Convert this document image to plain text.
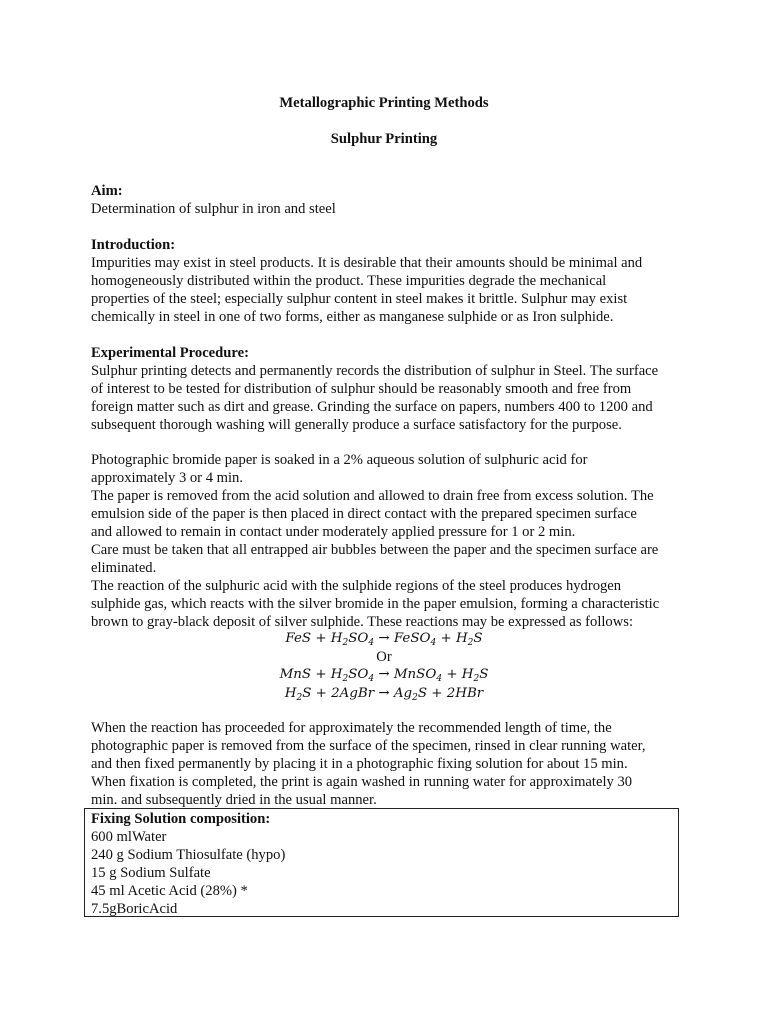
Metallographic Printing Methods
Sulphur Printing
Aim:
Determination of sulphur in iron and steel
Introduction:
Impurities may exist in steel products. It is desirable that their amounts should be minimal and
homogeneously distributed within the product. These impurities degrade the mechanical
properties of the steel; especially sulphur content in steel makes it brittle. Sulphur may exist
chemically in steel in one of two forms, either as manganese sulphide or as Iron sulphide.
Experimental Procedure:
Sulphur printing detects and permanently records the distribution of sulphur in Steel. The surface
of interest to be tested for distribution of sulphur should be reasonably smooth and free from
foreign matter such as dirt and grease. Grinding the surface on papers, numbers 400 to 1200 and
subsequent thorough washing will generally produce a surface satisfactory for the purpose.
Photographic bromide paper is soaked in a 2% aqueous solution of sulphuric acid for
approximately 3 or 4 min.
The paper is removed from the acid solution and allowed to drain free from excess solution. The
emulsion side of the paper is then placed in direct contact with the prepared specimen surface
and allowed to remain in contact under moderately applied pressure for 1 or 2 min.
Care must be taken that all entrapped air bubbles between the paper and the specimen surface are
eliminated.
The reaction of the sulphuric acid with the sulphide regions of the steel produces hydrogen
sulphide gas, which reacts with the silver bromide in the paper emulsion, forming a characteristic
brown to gray-black deposit of silver sulphide. These reactions may be expressed as follows:
FeS + $H_2SO_4$ → FeSO$_4$ + $H_2S$
Or
MnS + $H_2SO_4$ → MnSO$_4$ + $H_2S$
$H_2S$ + 2AgBr → $Ag_2S + 2HBr$
When the reaction has proceeded for approximately the recommended length of time, the
photographic paper is removed from the surface of the specimen, rinsed in clear running water,
and then fixed permanently by placing it in a photographic fixing solution for about 15 min.
When fixation is completed, the print is again washed in running water for approximately 30
min. and subsequently dried in the usual manner.
Fixing Solution composition:
600 mlWater
240 g Sodium Thiosulfate (hypo)
15 g Sodium Sulfate
45 ml Acetic Acid (28%) *
7.5gBoricAcid
